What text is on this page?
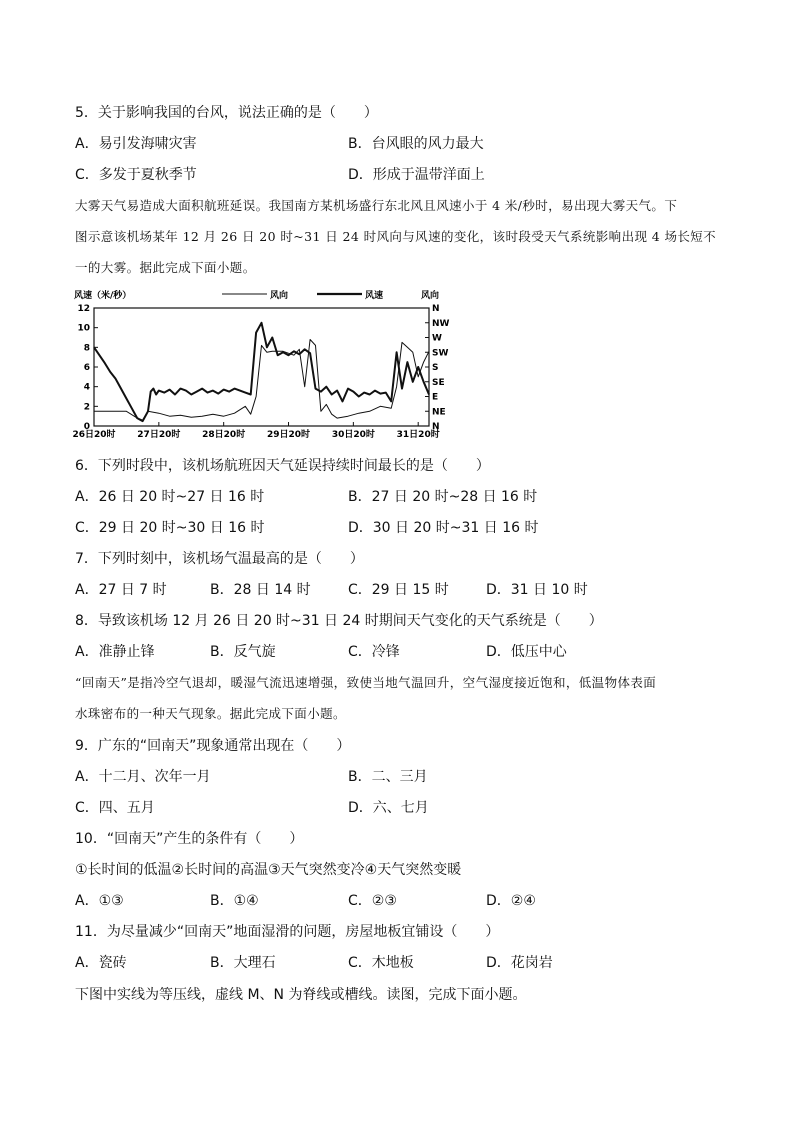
5．关于影响我国的台风，说法正确的是（　　）
A．易引发海啸灾害	B．台风眼的风力最大
C．多发于夏秋季节	D．形成于温带洋面上
大雾天气易造成大面积航班延误。我国南方某机场盛行东北风且风速小于 4 米/秒时，易出现大雾天气。下
图示意该机场某年 12 月 26 日 20 时~31 日 24 时风向与风速的变化，该时段受天气系统影响出现 4 场长短不
一的大雾。据此完成下面小题。
风向	风速
风速（米/秒）	风向
0
2
4
6
8
10
12
N
NE
E
SE
S
SW
W
NW
N
26日20时 27日20时 28日20时 29日20时 30日20时 31日20时
6．下列时段中，该机场航班因天气延误持续时间最长的是（　　）
A．26 日 20 时~27 日 16 时	B．27 日 20 时~28 日 16 时
C．29 日 20 时~30 日 16 时	D．30 日 20 时~31 日 16 时
7．下列时刻中，该机场气温最高的是（　　）
A．27 日 7 时	B．28 日 14 时	C．29 日 15 时	D．31 日 10 时
8．导致该机场 12 月 26 日 20 时~31 日 24 时期间天气变化的天气系统是（　　）
A．准静止锋	B．反气旋	C．冷锋	D．低压中心
“回南天”是指冷空气退却，暖湿气流迅速增强，致使当地气温回升，空气湿度接近饱和，低温物体表面
水珠密布的一种天气现象。据此完成下面小题。
9．广东的“回南天”现象通常出现在（　　）
A．十二月、次年一月	B．二、三月
C．四、五月	D．六、七月
10．“回南天”产生的条件有（　　）
①长时间的低温②长时间的高温③天气突然变冷④天气突然变暖
A．①③	B．①④	C．②③	D．②④
11．为尽量减少“回南天”地面湿滑的问题，房屋地板宜铺设（　　）
A．瓷砖	B．大理石	C．木地板	D．花岗岩
下图中实线为等压线，虚线 M、N 为脊线或槽线。读图，完成下面小题。
